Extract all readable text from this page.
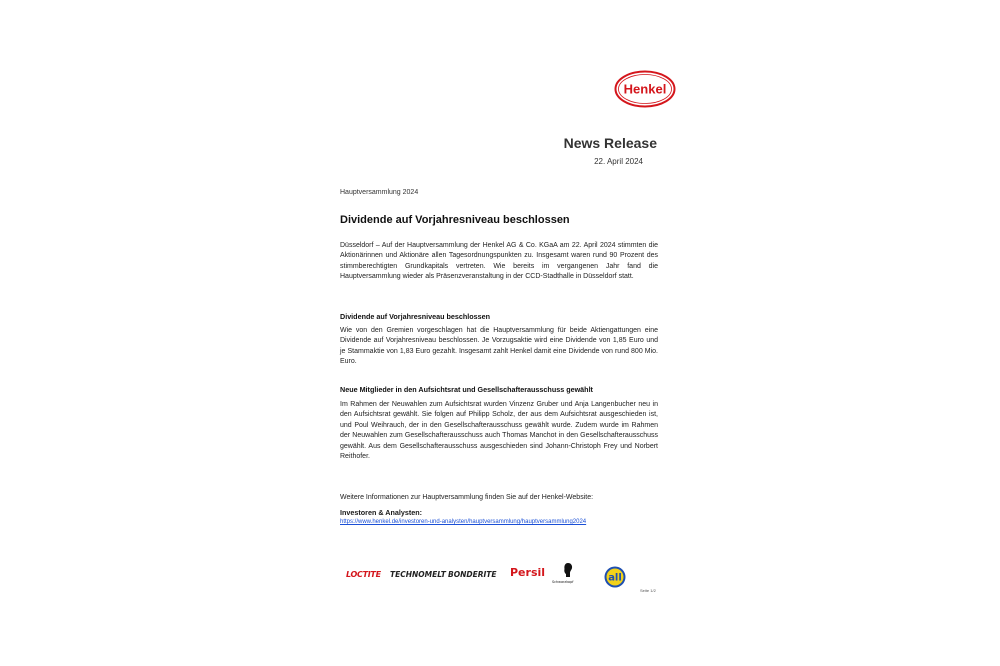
Henkel
News Release
22. April 2024
Hauptversammlung 2024
Dividende auf Vorjahresniveau beschlossen
Düsseldorf – Auf der Hauptversammlung der Henkel AG & Co. KGaA am 22. April 2024 stimmten die Aktionärinnen und Aktionäre allen Tagesordnungspunkten zu. Insgesamt waren rund 90 Prozent des stimmberechtigten Grundkapitals vertreten. Wie bereits im vergangenen Jahr fand die Hauptversammlung wieder als Präsenzveranstaltung in der CCD-Stadthalle in Düsseldorf statt.
Dividende auf Vorjahresniveau beschlossen
Wie von den Gremien vorgeschlagen hat die Hauptversammlung für beide Aktiengattungen eine Dividende auf Vorjahresniveau beschlossen. Je Vorzugsaktie wird eine Dividende von 1,85 Euro und je Stammaktie von 1,83 Euro gezahlt. Insgesamt zahlt Henkel damit eine Dividende von rund 800 Mio. Euro.
Neue Mitglieder in den Aufsichtsrat und Gesellschafterausschuss gewählt
Im Rahmen der Neuwahlen zum Aufsichtsrat wurden Vinzenz Gruber und Anja Langenbucher neu in den Aufsichtsrat gewählt. Sie folgen auf Philipp Scholz, der aus dem Aufsichtsrat ausgeschieden ist, und Poul Weihrauch, der in den Gesellschafterausschuss gewählt wurde. Zudem wurde im Rahmen der Neuwahlen zum Gesellschafterausschuss auch Thomas Manchot in den Gesellschafterausschuss gewählt. Aus dem Gesellschafterausschuss ausgeschieden sind Johann-Christoph Frey und Norbert Reithofer.
Weitere Informationen zur Hauptversammlung finden Sie auf der Henkel-Website:
Investoren & Analysten:
https://www.henkel.de/investoren-und-analysten/hauptversammlung/hauptversammlung2024
LOCTITE TECHNOMELT BONDERITE Persil
Schwarzkopf	all
Seite 1/2
